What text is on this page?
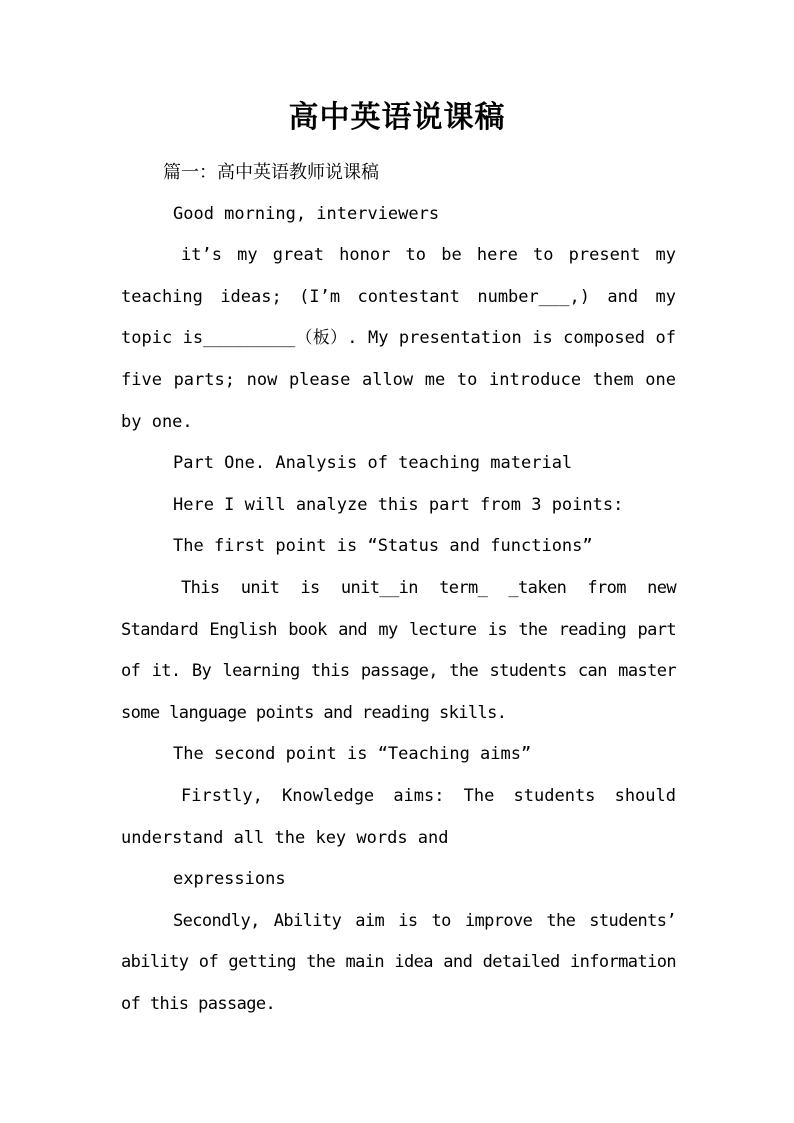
高中英语说课稿

篇一：高中英语教师说课稿

Good morning, interviewers

it’s my great honor to be here to present my teaching ideas; (I’m contestant number___,) and my topic is_________（板）. My presentation is composed of five parts; now please allow me to introduce them one by one.

Part One. Analysis of teaching material

Here I will analyze this part from 3 points:

The first point is “Status and functions”

This unit is unit__in term_ _taken from new Standard English book and my lecture is the reading part of it. By learning this passage, the students can master some language points and reading skills.

The second point is “Teaching aims”

Firstly, Knowledge aims: The students should understand all the key words and

expressions

Secondly, Ability aim is to improve the students’ ability of getting the main idea and detailed information of this passage.
